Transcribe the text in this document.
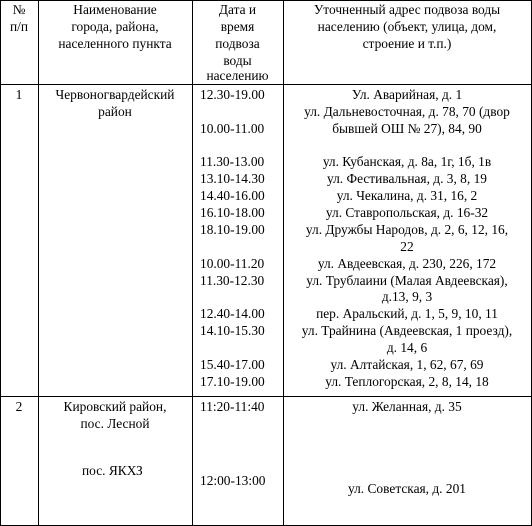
№
п/п
Наименование
города, района,
населенного пункта
Дата и
время
подвоза
воды
населению
Уточненный адрес подвоза воды
населению (объект, улица, дом,
строение и т.п.)
1	Червоногвардейский
район
12.30-19.00
10.00-11.00
11.30-13.00
13.10-14.30
14.40-16.00
16.10-18.00
18.10-19.00
10.00-11.20
11.30-12.30
12.40-14.00
14.10-15.30
15.40-17.00
17.10-19.00
Ул. Аварийная, д. 1
ул. Дальневосточная, д. 78, 70 (двор
бывшей ОШ № 27), 84, 90
ул. Кубанская, д. 8а, 1г, 1б, 1в
ул. Фестивальная, д. 3, 8, 19
ул. Чекалина, д. 31, 16, 2
ул. Ставропольская, д. 16-32
ул. Дружбы Народов, д. 2, 6, 12, 16,
22
ул. Авдеевская, д. 230, 226, 172
ул. Трублаини (Малая Авдеевская),
д.13, 9, 3
пер. Аральский, д. 1, 5, 9, 10, 11
ул. Трайнина (Авдеевская, 1 проезд),
д. 14, 6
ул. Алтайская, 1, 62, 67, 69
ул. Теплогорская, 2, 8, 14, 18
2	Кировский район,
пос. Лесной
пос. ЯКХЗ
11:20-11:40
12:00-13:00
ул. Желанная, д. 35
ул. Советская, д. 201
